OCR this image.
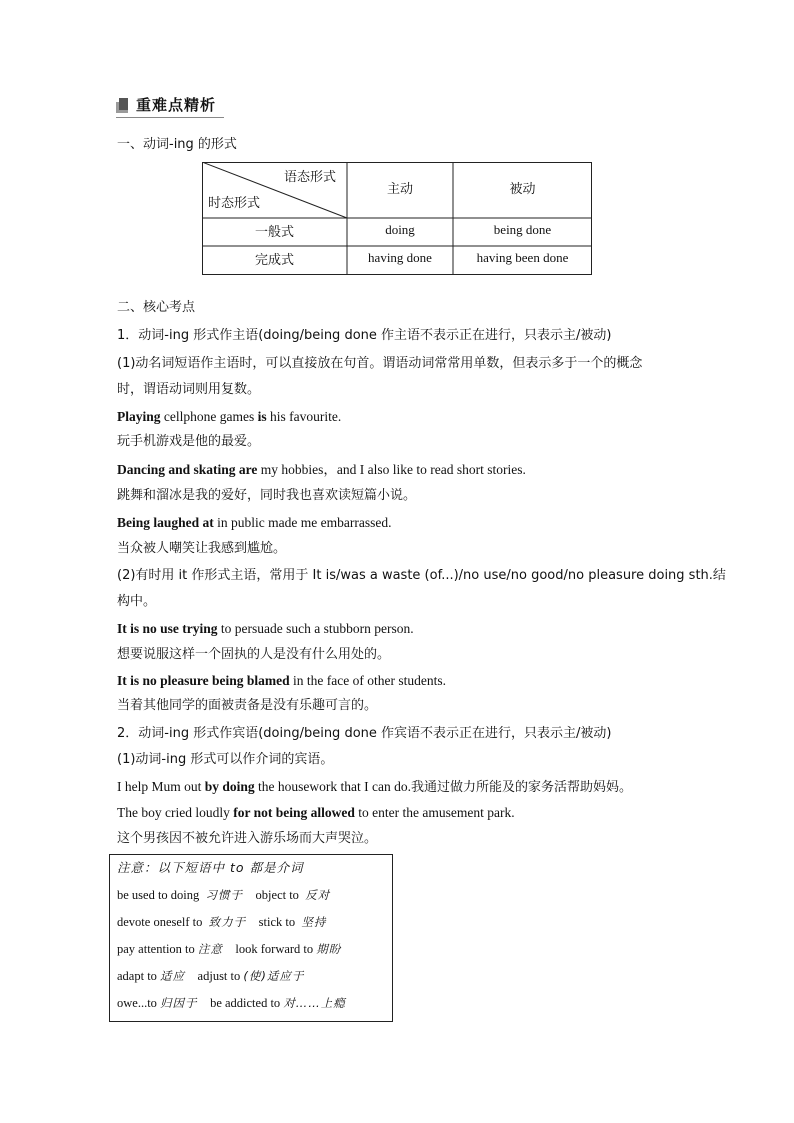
重难点精析
一、动词-ing 的形式
语态形式
时态形式
主动	被动
一般式	doing	being done
完成式	having done	having been done
二、核心考点
1．动词-ing 形式作主语(doing/being done 作主语不表示正在进行，只表示主/被动)
(1)动名词短语作主语时，可以直接放在句首。谓语动词常常用单数，但表示多于一个的概念
时，谓语动词则用复数。
Playing cellphone games is his favourite.
玩手机游戏是他的最爱。
Dancing and skating are my hobbies，and I also like to read short stories.
跳舞和溜冰是我的爱好，同时我也喜欢读短篇小说。
Being laughed at in public made me embarrassed.
当众被人嘲笑让我感到尴尬。
(2)有时用 it 作形式主语，常用于 It is/was a waste (of...)/no use/no good/no pleasure doing sth.结
构中。
It is no use trying to persuade such a stubborn person.
想要说服这样一个固执的人是没有什么用处的。
It is no pleasure being blamed in the face of other students.
当着其他同学的面被责备是没有乐趣可言的。
2．动词-ing 形式作宾语(doing/being done 作宾语不表示正在进行，只表示主/被动)
(1)动词-ing 形式可以作介词的宾语。
I help Mum out by doing the housework that I can do.我通过做力所能及的家务活帮助妈妈。
The boy cried loudly for not being allowed to enter the amusement park.
这个男孩因不被允许进入游乐场而大声哭泣。
注意：以下短语中 to 都是介词
be used to doing 习惯于 object to 反对
devote oneself to 致力于 stick to 坚持
pay attention to 注意 look forward to 期盼
adapt to 适应 adjust to (使)适应于
owe...to 归因于 be addicted to 对……上瘾
